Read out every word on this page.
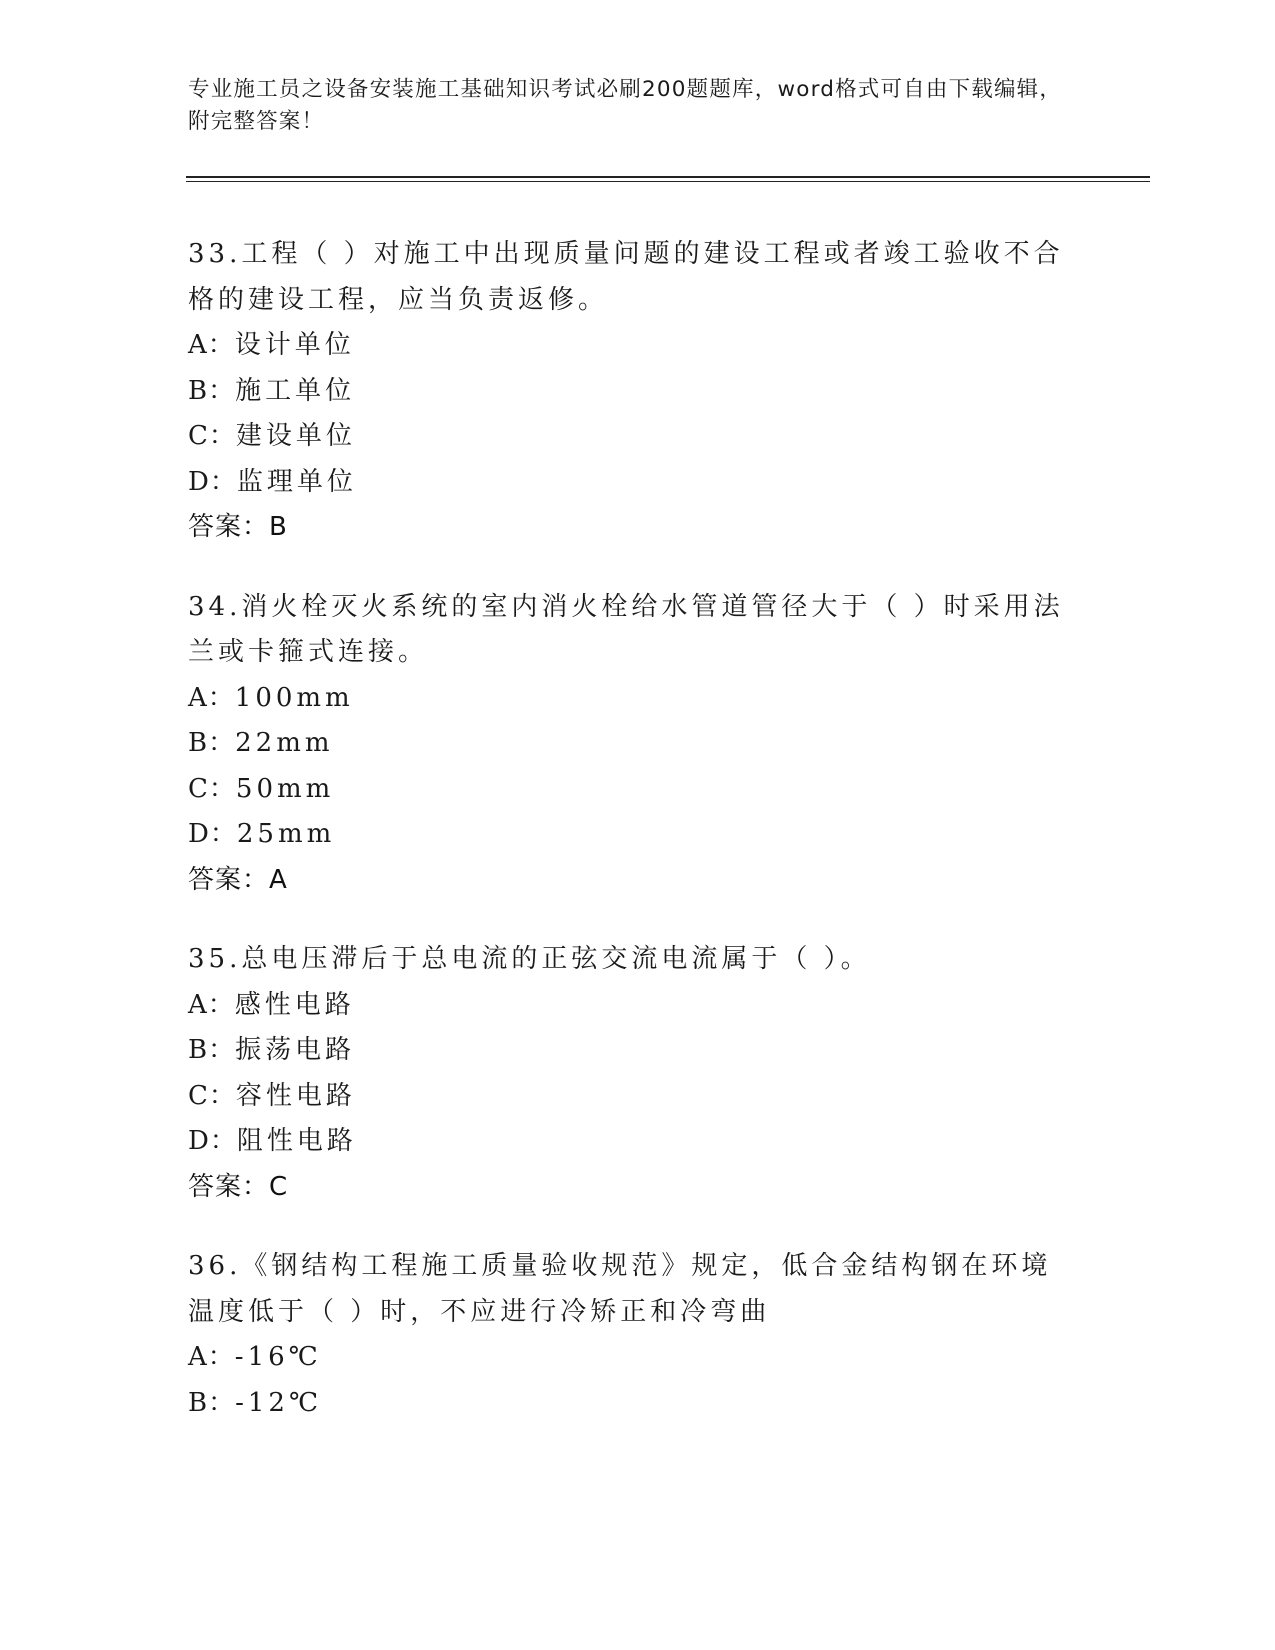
专业施工员之设备安装施工基础知识考试必刷200题题库，word格式可自由下载编辑，附完整答案！

33.工程（ ）对施工中出现质量问题的建设工程或者竣工验收不合格的建设工程，应当负责返修。

A：设计单位

B：施工单位

C：建设单位

D：监理单位

答案：B

34.消火栓灭火系统的室内消火栓给水管道管径大于（ ）时采用法兰或卡箍式连接。

A：100mm

B：22mm

C：50mm

D：25mm

答案：A

35.总电压滞后于总电流的正弦交流电流属于（ ）。

A：感性电路

B：振荡电路

C：容性电路

D：阻性电路

答案：C

36.《钢结构工程施工质量验收规范》规定，低合金结构钢在环境温度低于（ ）时，不应进行冷矫正和冷弯曲

A：-16℃

B：-12℃
